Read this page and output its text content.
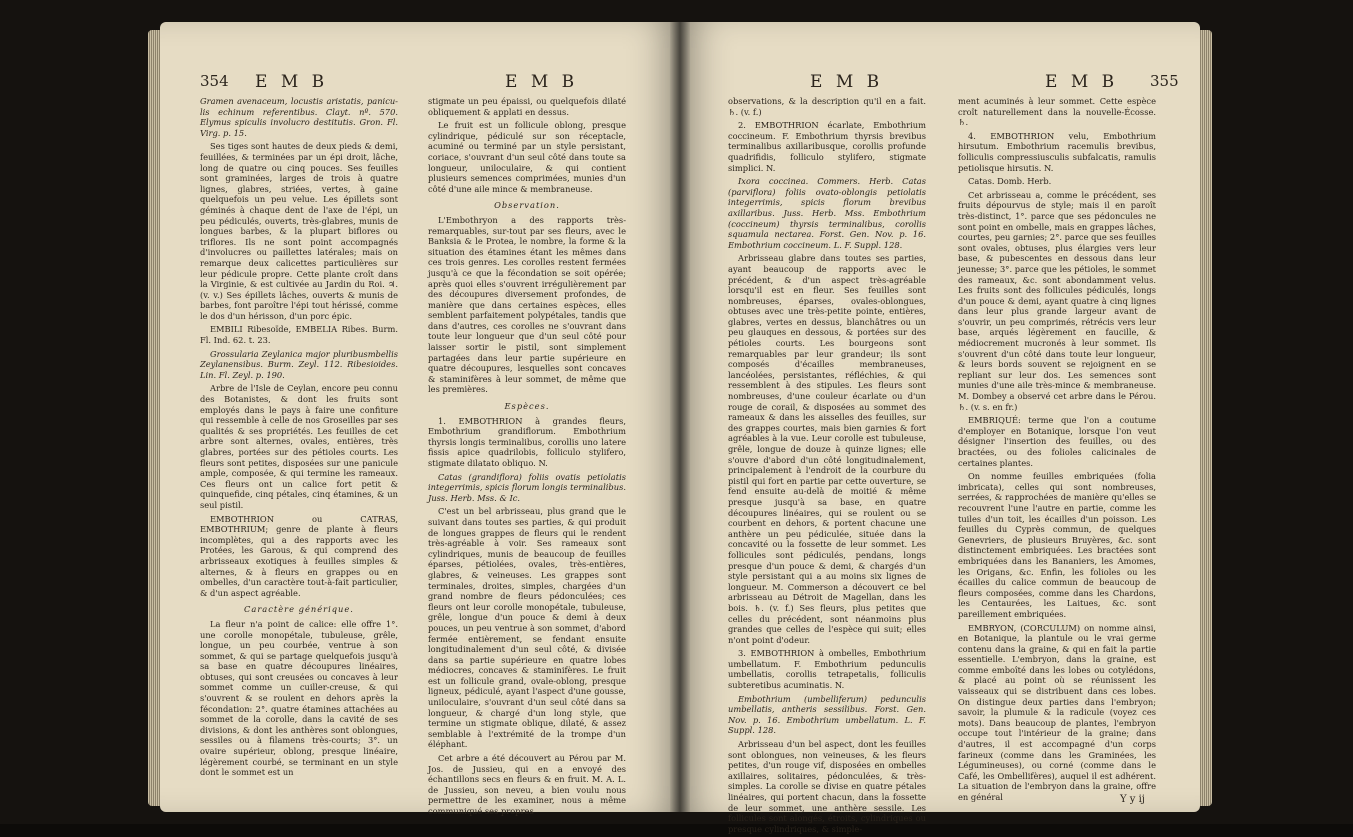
354 E M B	E M B

Gramen avenaceum, locustis aristatis, panicu-lis echinum referentibus. Clayt. nº. 570. Elymus spiculis involucro destitutis. Gron. Fl. Virg. p. 15.

Ses tiges sont hautes de deux pieds & demi, feuillées, & terminées par un épi droit, lâche, long de quatre ou cinq pouces. Ses feuilles sont graminées, larges de trois à quatre lignes, glabres, striées, vertes, à gaine quelquefois un peu velue. Les épillets sont géminés à chaque dent de l'axe de l'épi, un peu pédiculés, ouverts, très-glabres, munis de longues barbes, & la plupart biflores ou triflores. Ils ne sont point accompagnés d'involucres ou paillettes latérales; mais on remarque deux calicettes particulières sur leur pédicule propre. Cette plante croît dans la Virginie, & est cultivée au Jardin du Roi. ♃. (v. v.) Ses épillets lâches, ouverts & munis de barbes, font paroître l'épi tout hérissé, comme le dos d'un hérisson, d'un porc épic.

EMBILI Ribesoïde, EMBELIA Ribes. Burm. Fl. Ind. 62. t. 23.

Grossularia Zeylanica major pluribusmbellis Zeylanensibus. Burm. Zeyl. 112. Ribesioides. Lin. Fl. Zeyl. p. 190.

Arbre de l'Isle de Ceylan, encore peu connu des Botanistes, & dont les fruits sont employés dans le pays à faire une confiture qui ressemble à celle de nos Groseilles par ses qualités & ses propriétés. Les feuilles de cet arbre sont alternes, ovales, entières, très glabres, portées sur des pétioles courts. Les fleurs sont petites, disposées sur une panicule ample, composée, & qui termine les rameaux. Ces fleurs ont un calice fort petit & quinquefide, cinq pétales, cinq étamines, & un seul pistil.

EMBOTHRION ou CATRAS, EMBOTHRIUM; genre de plante à fleurs incomplètes, qui a des rapports avec les Protées, les Garous, & qui comprend des arbrisseaux exotiques à feuilles simples & alternes, & à fleurs en grappes ou en ombelles, d'un caractère tout-à-fait particulier, & d'un aspect agréable.

Caractère générique.

La fleur n'a point de calice: elle offre 1°. une corolle monopétale, tubuleuse, grêle, longue, un peu courbée, ventrue à son sommet, & qui se partage quelquefois jusqu'à sa base en quatre découpures linéaires, obtuses, qui sont creusées ou concaves à leur sommet comme un cuiller-creuse, & qui s'ouvrent & se roulent en dehors après la fécondation: 2°. quatre étamines attachées au sommet de la corolle, dans la cavité de ses divisions, & dont les anthères sont oblongues, sessiles ou à filamens très-courts; 3°. un ovaire supérieur, oblong, presque linéaire, légèrement courbé, se terminant en un style dont le sommet est un

stigmate un peu épaissi, ou quelquefois dilaté obliquement & applati en dessus.

Le fruit est un follicule oblong, presque cylindrique, pédiculé sur son réceptacle, acuminé ou terminé par un style persistant, coriace, s'ouvrant d'un seul côté dans toute sa longueur, uniloculaire, & qui contient plusieurs semences comprimées, munies d'un côté d'une aile mince & membraneuse.

Observation.

L'Embothryon a des rapports très-remarquables, sur-tout par ses fleurs, avec le Banksia & le Protea, le nombre, la forme & la situation des étamines étant les mêmes dans ces trois genres. Les corolles restent fermées jusqu'à ce que la fécondation se soit opérée; après quoi elles s'ouvrent irrégulièrement par des découpures diversement profondes, de manière que dans certaines espèces, elles semblent parfaitement polypétales, tandis que dans d'autres, ces corolles ne s'ouvrant dans toute leur longueur que d'un seul côté pour laisser sortir le pistil, sont simplement partagées dans leur partie supérieure en quatre découpures, lesquelles sont concaves & staminifères à leur sommet, de même que les premières.

Espèces.

1. EMBOTHRION à grandes fleurs, Embothrium grandiflorum. Embothrium thyrsis longis terminalibus, corollis uno latere fissis apice quadrilobis, folliculo stylifero, stigmate dilatato obliquo. N.

Catas (grandiflora) foliis ovatis petiolatis integerrimis, spicis florum longis terminalibus. Juss. Herb. Mss. & Ic.

C'est un bel arbrisseau, plus grand que le suivant dans toutes ses parties, & qui produit de longues grappes de fleurs qui le rendent très-agréable à voir. Ses rameaux sont cylindriques, munis de beaucoup de feuilles éparses, pétiolées, ovales, très-entières, glabres, & veineuses. Les grappes sont terminales, droites, simples, chargées d'un grand nombre de fleurs pédonculées; ces fleurs ont leur corolle monopétale, tubuleuse, grêle, longue d'un pouce & demi à deux pouces, un peu ventrue à son sommet, d'abord fermée entièrement, se fendant ensuite longitudinalement d'un seul côté, & divisée dans sa partie supérieure en quatre lobes médiocres, concaves & staminifères. Le fruit est un follicule grand, ovale-oblong, presque ligneux, pédiculé, ayant l'aspect d'une gousse, uniloculaire, s'ouvrant d'un seul côté dans sa longueur, & chargé d'un long style, que termine un stigmate oblique, dilaté, & assez semblable à l'extrémité de la trompe d'un éléphant.

Cet arbre a été découvert au Pérou par M. Jos. de Jussieu, qui en a envoyé des échantillons secs en fleurs & en fruit. M. A. L. de Jussieu, son neveu, a bien voulu nous permettre de les examiner, nous a même communiqué ses propres

E M B	E M B 355

observations, & la description qu'il en a fait. ♄. (v. f.)

2. EMBOTHRION écarlate, Embothrium coccineum. F. Embothrium thyrsis brevibus terminalibus axillaribusque, corollis profunde quadrifidis, folliculo stylifero, stigmate simplici. N.

Ixora coccinea. Commers. Herb. Catas (parviflora) foliis ovato-oblongis petiolatis integerrimis, spicis florum brevibus axillaribus. Juss. Herb. Mss. Embothrium (coccineum) thyrsis terminalibus, corollis squamula nectarea. Forst. Gen. Nov. p. 16. Embothrium coccineum. L. F. Suppl. 128.

Arbrisseau glabre dans toutes ses parties, ayant beaucoup de rapports avec le précédent, & d'un aspect très-agréable lorsqu'il est en fleur. Ses feuilles sont nombreuses, éparses, ovales-oblongues, obtuses avec une très-petite pointe, entières, glabres, vertes en dessus, blanchâtres ou un peu glauques en dessous, & portées sur des pétioles courts. Les bourgeons sont remarquables par leur grandeur; ils sont composés d'écailles membraneuses, lancéolées, persistantes, réfléchies, & qui ressemblent à des stipules. Les fleurs sont nombreuses, d'une couleur écarlate ou d'un rouge de corail, & disposées au sommet des rameaux & dans les aisselles des feuilles, sur des grappes courtes, mais bien garnies & fort agréables à la vue. Leur corolle est tubuleuse, grêle, longue de douze à quinze lignes; elle s'ouvre d'abord d'un côté longitudinalement, principalement à l'endroit de la courbure du pistil qui fort en partie par cette ouverture, se fend ensuite au-delà de moitié & même presque jusqu'à sa base, en quatre découpures linéaires, qui se roulent ou se courbent en dehors, & portent chacune une anthère un peu pédiculée, située dans la concavité ou la fossette de leur sommet. Les follicules sont pédiculés, pendans, longs presque d'un pouce & demi, & chargés d'un style persistant qui a au moins six lignes de longueur. M. Commerson a découvert ce bel arbrisseau au Détroit de Magellan, dans les bois. ♄. (v. f.) Ses fleurs, plus petites que celles du précédent, sont néanmoins plus grandes que celles de l'espèce qui suit; elles n'ont point d'odeur.

3. EMBOTHRION à ombelles, Embothrium umbellatum. F. Embothrium pedunculis umbellatis, corollis tetrapetalis, folliculis subteretibus acuminatis. N.

Embothrium (umbelliferum) pedunculis umbellatis, antheris sessilibus. Forst. Gen. Nov. p. 16. Embothrium umbellatum. L. F. Suppl. 128.

Arbrisseau d'un bel aspect, dont les feuilles sont oblongues, non veineuses, & les fleurs petites, d'un rouge vif, disposées en ombelles axillaires, solitaires, pédonculées, & très-simples. La corolle se divise en quatre pétales linéaires, qui portent chacun, dans la fossette de leur sommet, une anthère sessile. Les follicules sont alongés, étroits, cylindriques ou presque cylindriques, & simple-

ment acuminés à leur sommet. Cette espèce croît naturellement dans la nouvelle-Écosse. ♄.

4. EMBOTHRION velu, Embothrium hirsutum. Embothrium racemulis brevibus, folliculis compressiusculis subfalcatis, ramulis petiolisque hirsutis. N.

Catas. Domb. Herb.

Cet arbrisseau a, comme le précédent, ses fruits dépourvus de style; mais il en paroît très-distinct, 1°. parce que ses pédoncules ne sont point en ombelle, mais en grappes lâches, courtes, peu garnies; 2°. parce que ses feuilles sont ovales, obtuses, plus élargies vers leur base, & pubescentes en dessous dans leur jeunesse; 3°. parce que les pétioles, le sommet des rameaux, &c. sont abondamment velus. Les fruits sont des follicules pédiculés, longs d'un pouce & demi, ayant quatre à cinq lignes dans leur plus grande largeur avant de s'ouvrir, un peu comprimés, rétrécis vers leur base, arqués légèrement en faucille, & médiocrement mucronés à leur sommet. Ils s'ouvrent d'un côté dans toute leur longueur, & leurs bords souvent se rejoignent en se repliant sur leur dos. Les semences sont munies d'une aile très-mince & membraneuse. M. Dombey a observé cet arbre dans le Pérou. ♄. (v. s. en fr.)

EMBRIQUÉ: terme que l'on a coutume d'employer en Botanique, lorsque l'on veut désigner l'insertion des feuilles, ou des bractées, ou des folioles calicinales de certaines plantes.

On nomme feuilles embriquées (folia imbricata), celles qui sont nombreuses, serrées, & rapprochées de manière qu'elles se recouvrent l'une l'autre en partie, comme les tuiles d'un toit, les écailles d'un poisson. Les feuilles du Cyprès commun, de quelques Genevriers, de plusieurs Bruyères, &c. sont distinctement embriquées. Les bractées sont embriquées dans les Bananiers, les Amomes, les Origans, &c. Enfin, les folioles ou les écailles du calice commun de beaucoup de fleurs composées, comme dans les Chardons, les Centaurées, les Laitues, &c. sont pareillement embriquées.

EMBRYON, (CORCULUM) on nomme ainsi, en Botanique, la plantule ou le vrai germe contenu dans la graine, & qui en fait la partie essentielle. L'embryon, dans la graine, est comme emboîté dans les lobes ou cotylédons, & placé au point où se réunissent les vaisseaux qui se distribuent dans ces lobes. On distingue deux parties dans l'embryon; savoir, la plumule & la radicule (voyez ces mots). Dans beaucoup de plantes, l'embryon occupe tout l'intérieur de la graine; dans d'autres, il est accompagné d'un corps farineux (comme dans les Graminées, les Légumineuses), ou corné (comme dans le Café, les Ombellifères), auquel il est adhérent. La situation de l'embryon dans la graine, offre en général	Y y ij
